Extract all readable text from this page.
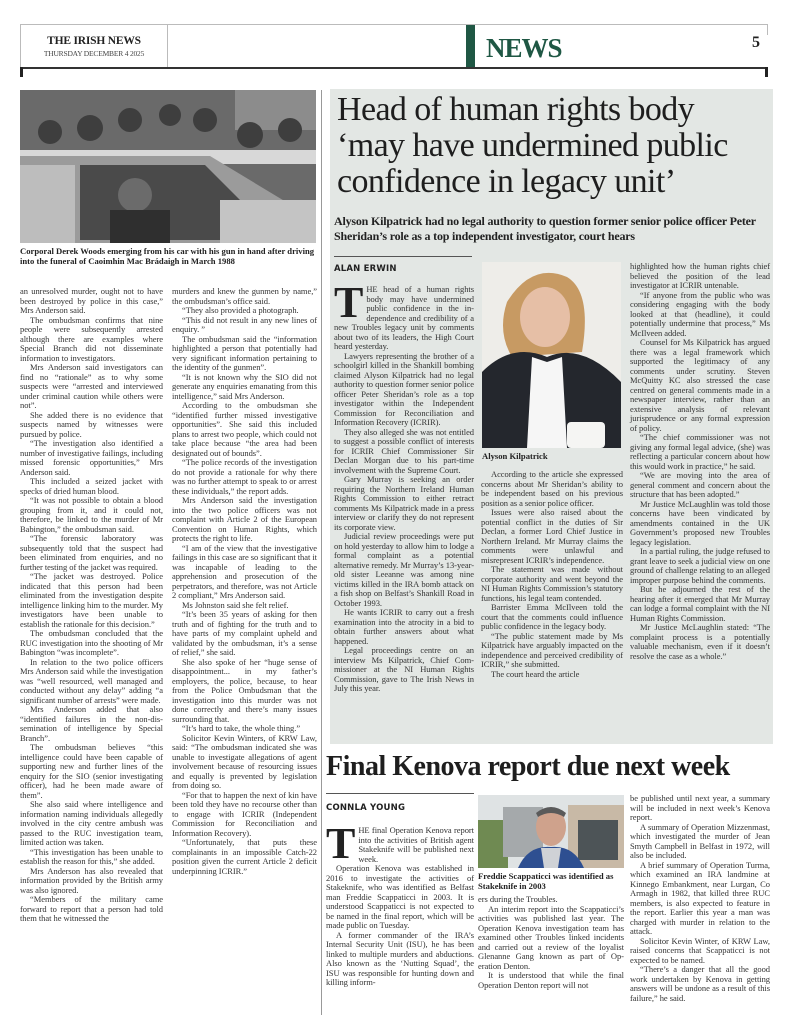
THE IRISH NEWS
THURSDAY DECEMBER 4 2025	NEWS	5
Corporal Derek Woods emerging from his car with his gun in hand after driving into the funeral of Caoimhin Mac Brádaigh in March 1988

an unresolved murder, ought not to have been destroyed by police in this case,” Mrs Anderson said.

The ombudsman confirms that nine people were subsequently arrested although there are examples where Special Branch did not disseminate information to investigators.

Mrs Anderson said investigators can find no “rationale” as to why some suspects were “arrested and interviewed under criminal caution while others were not”.

She added there is no evidence that suspects named by witnesses were pursued by police.

“The investigation also identified a number of investigative failings, including missed forensic opportunities,” Mrs Anderson said.

This included a seized jacket with specks of dried human blood.

“It was not possible to obtain a blood grouping from it, and it could not, therefore, be linked to the murder of Mr Babington,” the ombudsman said.

“The forensic laboratory was subsequently told that the suspect had been eliminated from enquiries, and no further testing of the jacket was required.

“The jacket was destroyed. Police indicated that this person had been eliminated from the investigation despite intelligence linking him to the murder. My investigators have been unable to establish the rationale for this decision.”

The ombudsman concluded that the RUC investigation into the shooting of Mr Babington “was incomplete”.

In relation to the two police officers Mrs Anderson said while the investigation was “well resourced, well managed and conducted without any delay” adding “a significant number of arrests” were made.

Mrs Anderson added that also “identified failures in the non-dissemination of intelligence by Special Branch”.

The ombudsman believes “this intelligence could have been capable of supporting new and further lines of the enquiry for the SIO (senior investigating officer), had he been made aware of them”.

She also said where intelligence and information naming individuals allegedly involved in the city centre ambush was passed to the RUC investigation team, limited action was taken.

“This investigation has been unable to establish the reason for this,” she added.

Mrs Anderson has also revealed that information provided by the British army was also ignored.

“Members of the military came forward to report that a person had told them that he witnessed the

murders and knew the gunmen by name,” the ombudsman’s office said.

“They also provided a photograph.

“This did not result in any new lines of enquiry. ”

The ombudsman said the “information highlighted a person that potentially had very significant information pertaining to the identity of the gunmen”.

“It is not known why the SIO did not generate any enquiries emanating from this intelligence,” said Mrs Anderson.

According to the ombudsman she “identified further missed investigative opportunities”. She said this included plans to arrest two people, which could not take place because “the area had been designated out of bounds”.

“The police records of the investigation do not provide a rationale for why there was no further attempt to speak to or arrest these individuals,” the report adds.

Mrs Anderson said the investigation into the two police officers was not complaint with Article 2 of the European Convention on Human Rights, which protects the right to life.

“I am of the view that the investigative failings in this case are so significant that it was incapable of leading to the apprehension and prosecution of the perpetrators, and therefore, was not Article 2 compliant,” Mrs Anderson said.

Ms Johnston said she felt relief.

“It’s been 35 years of asking for then truth and of fighting for the truth and to have parts of my complaint upheld and validated by the ombudsman, it’s a sense of relief,” she said.

She also spoke of her “huge sense of disappointment... in my father’s employers, the police, because, to hear from the Police Ombudsman that the investigation into this murder was not done correctly and there’s many issues surrounding that.

“It’s hard to take, the whole thing.”

Solicitor Kevin Winters, of KRW Law, said: “The ombudsman indicated she was unable to investigate allegations of agent involvement because of resourcing issues and equally is prevented by legislation from doing so.

“For that to happen the next of kin have been told they have no recourse other than to engage with ICRIR (Independent Commission for Reconciliation and Information Recovery).

“Unfortunately, that puts these complainants in an impossible Catch-22 position given the current Article 2 deficit underpinning ICRIR.”

Head of human rights body ‘may have undermined public confidence in legacy unit’
Alyson Kilpatrick had no legal authority to question former senior police officer Peter Sheridan’s role as a top independent investigator, court hears
ALAN ERWIN

THE head of a human rights body may have undermined public confidence in the independence and credibility of a new Troubles legacy unit by comments about two of its leaders, the High Court heard yesterday.

Lawyers representing the brother of a schoolgirl killed in the Shankill bombing claimed Alyson Kilpatrick had no legal authority to question former senior police officer Peter Sheridan’s role as a top investigator within the Independent Commission for Reconciliation and Information Recovery (ICRIR).

They also alleged she was not entitled to suggest a possible conflict of interests for ICRIR Chief Commissioner Sir Declan Morgan due to his part-time involvement with the Supreme Court.

Gary Murray is seeking an order requiring the Northern Ireland Human Rights Commission to either retract comments Ms Kilpatrick made in a press interview or clarify they do not represent its corporate view.

Judicial review proceedings were put on hold yesterday to allow him to lodge a formal complaint as a potential alternative remedy. Mr Murray’s 13-year-old sister Leeanne was among nine victims killed in the IRA bomb attack on a fish shop on Belfast’s Shankill Road in October 1993.

He wants ICRIR to carry out a fresh examination into the atrocity in a bid to obtain further answers about what happened.

Legal proceedings centre on an interview Ms Kilpatrick, Chief Commissioner at the NI Human Rights Commission, gave to The Irish News in July this year.

Alyson Kilpatrick

According to the article she expressed concerns about Mr Sheridan’s ability to be independent based on his previous position as a senior police officer.

Issues were also raised about the potential conflict in the duties of Sir Declan, a former Lord Chief Justice in Northern Ireland. Mr Murray claims the comments were unlawful and misrepresent ICRIR’s independence.

The statement was made without corporate authority and went beyond the NI Human Rights Commission’s statutory functions, his legal team contended.

Barrister Emma McIlveen told the court that the comments could influence public confidence in the legacy body.

“The public statement made by Ms Kilpatrick have arguably impacted on the independence and perceived credibility of ICRIR,” she submitted.

The court heard the article

highlighted how the human rights chief believed the position of the lead investigator at ICRIR untenable.

“If anyone from the public who was considering engaging with the body looked at that (headline), it could potentially undermine that process,” Ms McIlveen added.

Counsel for Ms Kilpatrick has argued there was a legal framework which supported the legitimacy of any comments under scrutiny. Steven McQuitty KC also stressed the case centred on general comments made in a newspaper interview, rather than an extensive analysis of relevant jurisprudence or any formal expression of policy.

“The chief commissioner was not giving any formal legal advice, (she) was reflecting a particular concern about how this would work in practice,” he said.

“We are moving into the area of general comment and concern about the structure that has been adopted.”

Mr Justice McLaughlin was told those concerns have been vindicated by amendments contained in the UK Government’s proposed new Troubles legacy legislation.

In a partial ruling, the judge refused to grant leave to seek a judicial view on one ground of challenge relating to an alleged improper purpose behind the comments.

But he adjourned the rest of the hearing after it emerged that Mr Murray can lodge a formal complaint with the NI Human Rights Commission.

Mr Justice McLaughlin stated: “The complaint process is a potentially valuable mechanism, even if it doesn’t resolve the case as a whole.”

Final Kenova report due next week
CONNLA YOUNG

THE final Operation Kenova report into the activities of British agent Stakeknife will be published next week.

Operation Kenova was established in 2016 to investigate the activities of Stakeknife, who was identified as Belfast man Freddie Scappaticci in 2003. It is understood Scappaticci is not expected to be named in the final report, which will be made public on Tuesday.

A former commander of the IRA’s Internal Security Unit (ISU), he has been linked to multiple murders and abductions. Also known as the ‘Nutting Squad’, the ISU was responsible for hunting down and killing inform-

Freddie Scappaticci was identified as Stakeknife in 2003

ers during the Troubles.

An interim report into the Scappaticci’s activities was published last year. The Operation Kenova investigation team has examined other Troubles linked incidents and carried out a review of the loyalist Glenanne Gang known as part of Operation Denton.

It is understood that while the final Operation Denton report will not

be published until next year, a summary will be included in next week’s Kenova report.

A summary of Operation Mizzenmast, which investigated the murder of Jean Smyth Campbell in Belfast in 1972, will also be included.

A brief summary of Operation Turma, which examined an IRA landmine at Kinnego Embankment, near Lurgan, Co Armagh in 1982, that killed three RUC members, is also expected to feature in the report. Earlier this year a man was charged with murder in relation to the attack.

Solicitor Kevin Winter, of KRW Law, raised concerns that Scappaticci is not expected to be named.

“There’s a danger that all the good work undertaken by Kenova in getting answers will be undone as a result of this failure,” he said.
